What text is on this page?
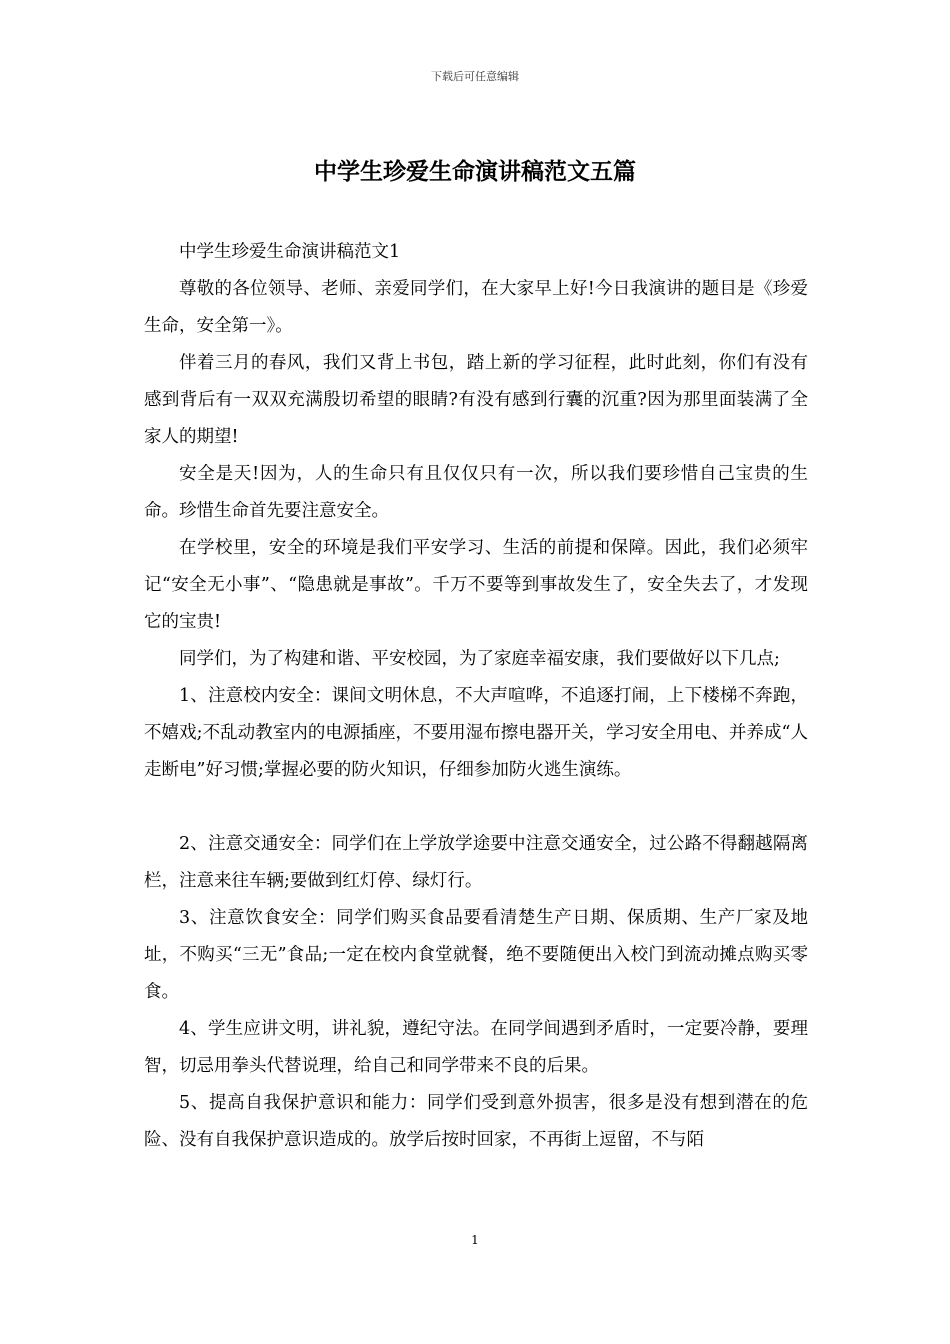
下载后可任意编辑
中学生珍爱生命演讲稿范文五篇

中学生珍爱生命演讲稿范文1

尊敬的各位领导、老师、亲爱同学们，在大家早上好!今日我演讲的题目是《珍爱生命，安全第一》。

伴着三月的春风，我们又背上书包，踏上新的学习征程，此时此刻，你们有没有感到背后有一双双充满殷切希望的眼睛?有没有感到行囊的沉重?因为那里面装满了全家人的期望!

安全是天!因为，人的生命只有且仅仅只有一次，所以我们要珍惜自己宝贵的生命。珍惜生命首先要注意安全。

在学校里，安全的环境是我们平安学习、生活的前提和保障。因此，我们必须牢记“安全无小事”、“隐患就是事故”。千万不要等到事故发生了，安全失去了，才发现它的宝贵!

同学们，为了构建和谐、平安校园，为了家庭幸福安康，我们要做好以下几点;

1、注意校内安全：课间文明休息，不大声喧哗，不追逐打闹，上下楼梯不奔跑，不嬉戏;不乱动教室内的电源插座，不要用湿布擦电器开关，学习安全用电、并养成“人走断电”好习惯;掌握必要的防火知识，仔细参加防火逃生演练。

2、注意交通安全：同学们在上学放学途要中注意交通安全，过公路不得翻越隔离栏，注意来往车辆;要做到红灯停、绿灯行。

3、注意饮食安全：同学们购买食品要看清楚生产日期、保质期、生产厂家及地址，不购买“三无”食品;一定在校内食堂就餐，绝不要随便出入校门到流动摊点购买零食。

4、学生应讲文明，讲礼貌，遵纪守法。在同学间遇到矛盾时，一定要冷静，要理智，切忌用拳头代替说理，给自己和同学带来不良的后果。

5、提高自我保护意识和能力：同学们受到意外损害，很多是没有想到潜在的危险、没有自我保护意识造成的。放学后按时回家，不再街上逗留，不与陌

1
